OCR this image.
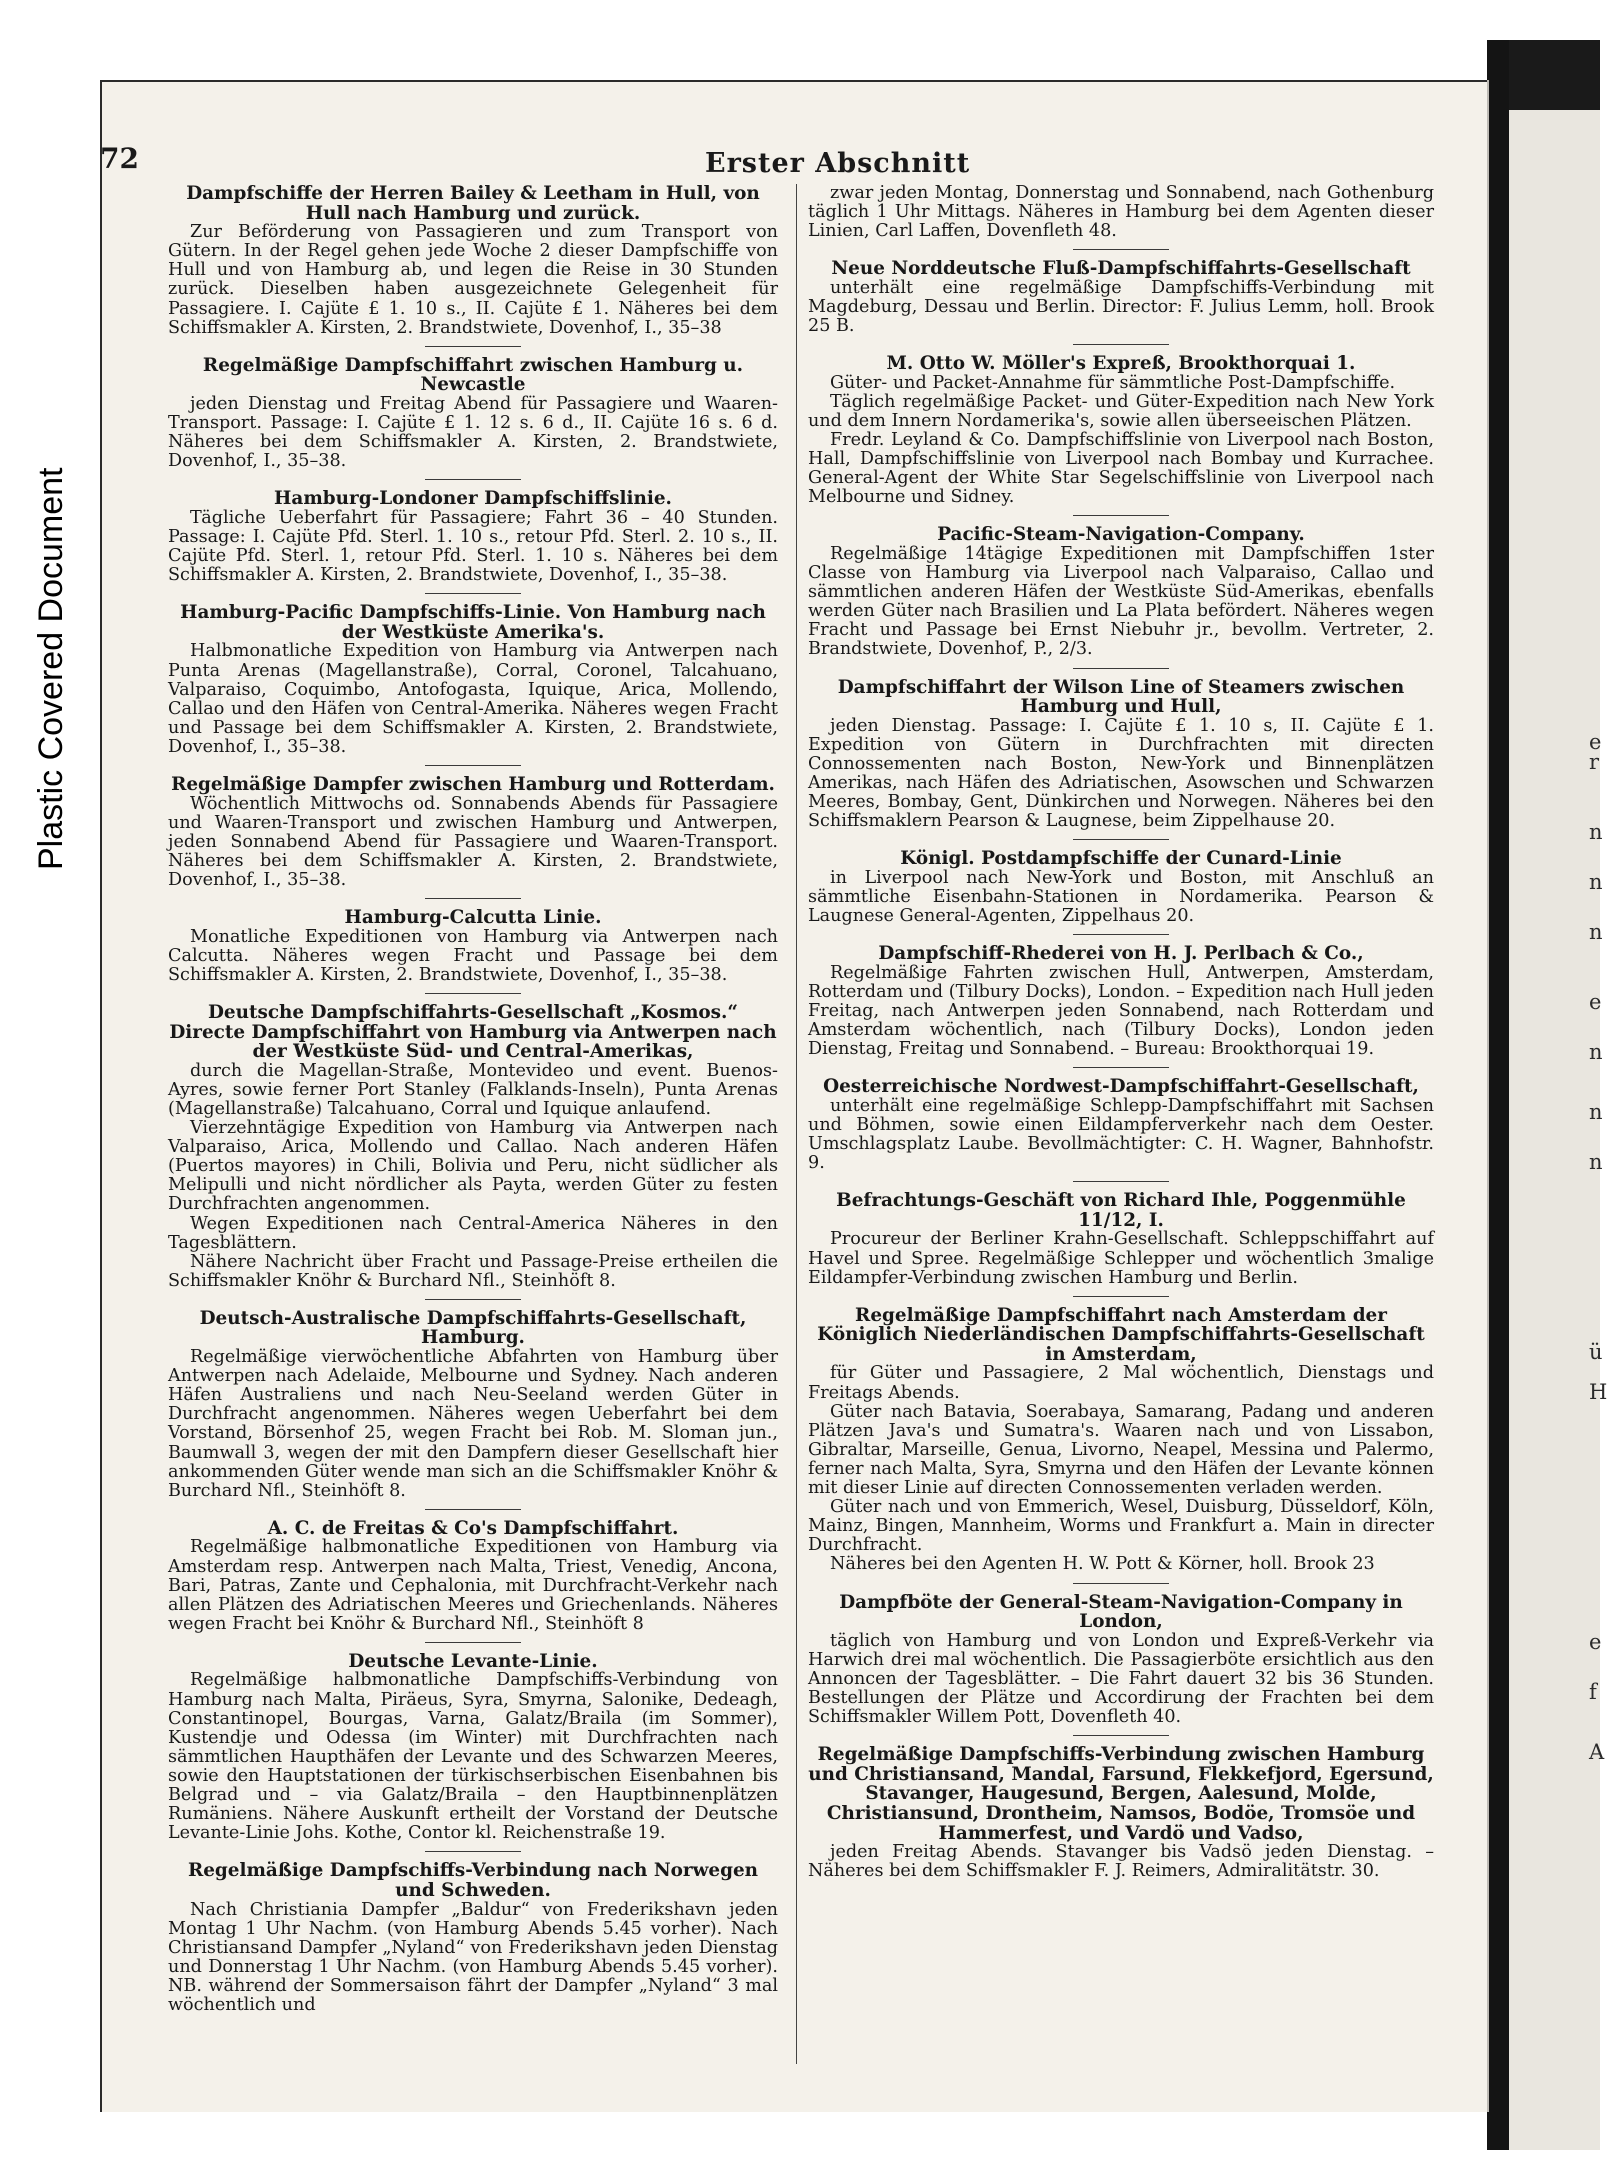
Plastic Covered Document	e
r
n
n
n
e
n
n
n
ü
H
e
f
A
72	Erster Abschnitt
Dampfschiffe der Herren Bailey & Leetham in Hull, von Hull nach Hamburg und zurück.

Zur Beförderung von Passagieren und zum Transport von Gütern. In der Regel gehen jede Woche 2 dieser Dampfschiffe von Hull und von Hamburg ab, und legen die Reise in 30 Stunden zurück. Dieselben haben ausgezeichnete Gelegenheit für Passagiere. I. Cajüte £ 1. 10 s., II. Cajüte £ 1. Näheres bei dem Schiffsmakler A. Kirsten, 2. Brandstwiete, Dovenhof, I., 35–38

Regelmäßige Dampfschiffahrt zwischen Hamburg u. Newcastle

jeden Dienstag und Freitag Abend für Passagiere und Waaren-Transport. Passage: I. Cajüte £ 1. 12 s. 6 d., II. Cajüte 16 s. 6 d. Näheres bei dem Schiffsmakler A. Kirsten, 2. Brandstwiete, Dovenhof, I., 35–38.

Hamburg-Londoner Dampfschiffslinie.

Tägliche Ueberfahrt für Passagiere; Fahrt 36 – 40 Stunden. Passage: I. Cajüte Pfd. Sterl. 1. 10 s., retour Pfd. Sterl. 2. 10 s., II. Cajüte Pfd. Sterl. 1, retour Pfd. Sterl. 1. 10 s. Näheres bei dem Schiffsmakler A. Kirsten, 2. Brandstwiete, Dovenhof, I., 35–38.

Hamburg-Pacific Dampfschiffs-Linie. Von Hamburg nach der Westküste Amerika's.

Halbmonatliche Expedition von Hamburg via Antwerpen nach Punta Arenas (Magellanstraße), Corral, Coronel, Talcahuano, Valparaiso, Coquimbo, Antofogasta, Iquique, Arica, Mollendo, Callao und den Häfen von Central-Amerika. Näheres wegen Fracht und Passage bei dem Schiffsmakler A. Kirsten, 2. Brandstwiete, Dovenhof, I., 35–38.

Regelmäßige Dampfer zwischen Hamburg und Rotterdam.

Wöchentlich Mittwochs od. Sonnabends Abends für Passagiere und Waaren-Transport und zwischen Hamburg und Antwerpen, jeden Sonnabend Abend für Passagiere und Waaren-Transport. Näheres bei dem Schiffsmakler A. Kirsten, 2. Brandstwiete, Dovenhof, I., 35–38.

Hamburg-Calcutta Linie.

Monatliche Expeditionen von Hamburg via Antwerpen nach Calcutta. Näheres wegen Fracht und Passage bei dem Schiffsmakler A. Kirsten, 2. Brandstwiete, Dovenhof, I., 35–38.

Deutsche Dampfschiffahrts-Gesellschaft „Kosmos.“ Directe Dampfschiffahrt von Hamburg via Antwerpen nach der Westküste Süd- und Central-Amerikas,

durch die Magellan-Straße, Montevideo und event. Buenos-Ayres, sowie ferner Port Stanley (Falklands-Inseln), Punta Arenas (Magellanstraße) Talcahuano, Corral und Iquique anlaufend.

Vierzehntägige Expedition von Hamburg via Antwerpen nach Valparaiso, Arica, Mollendo und Callao. Nach anderen Häfen (Puertos mayores) in Chili, Bolivia und Peru, nicht südlicher als Melipulli und nicht nördlicher als Payta, werden Güter zu festen Durchfrachten angenommen.

Wegen Expeditionen nach Central-America Näheres in den Tagesblättern.

Nähere Nachricht über Fracht und Passage-Preise ertheilen die Schiffsmakler Knöhr & Burchard Nfl., Steinhöft 8.

Deutsch-Australische Dampfschiffahrts-Gesellschaft, Hamburg.

Regelmäßige vierwöchentliche Abfahrten von Hamburg über Antwerpen nach Adelaide, Melbourne und Sydney. Nach anderen Häfen Australiens und nach Neu-Seeland werden Güter in Durchfracht angenommen. Näheres wegen Ueberfahrt bei dem Vorstand, Börsenhof 25, wegen Fracht bei Rob. M. Sloman jun., Baumwall 3, wegen der mit den Dampfern dieser Gesellschaft hier ankommenden Güter wende man sich an die Schiffsmakler Knöhr & Burchard Nfl., Steinhöft 8.

A. C. de Freitas & Co's Dampfschiffahrt.

Regelmäßige halbmonatliche Expeditionen von Hamburg via Amsterdam resp. Antwerpen nach Malta, Triest, Venedig, Ancona, Bari, Patras, Zante und Cephalonia, mit Durchfracht-Verkehr nach allen Plätzen des Adriatischen Meeres und Griechenlands. Näheres wegen Fracht bei Knöhr & Burchard Nfl., Steinhöft 8

Deutsche Levante-Linie.

Regelmäßige halbmonatliche Dampfschiffs-Verbindung von Hamburg nach Malta, Piräeus, Syra, Smyrna, Salonike, Dedeagh, Constantinopel, Bourgas, Varna, Galatz/Braila (im Sommer), Kustendje und Odessa (im Winter) mit Durchfrachten nach sämmtlichen Haupthäfen der Levante und des Schwarzen Meeres, sowie den Hauptstationen der türkischserbischen Eisenbahnen bis Belgrad und – via Galatz/Braila – den Hauptbinnenplätzen Rumäniens. Nähere Auskunft ertheilt der Vorstand der Deutsche Levante-Linie Johs. Kothe, Contor kl. Reichenstraße 19.

Regelmäßige Dampfschiffs-Verbindung nach Norwegen und Schweden.

Nach Christiania Dampfer „Baldur“ von Frederikshavn jeden Montag 1 Uhr Nachm. (von Hamburg Abends 5.45 vorher). Nach Christiansand Dampfer „Nyland“ von Frederikshavn jeden Dienstag und Donnerstag 1 Uhr Nachm. (von Hamburg Abends 5.45 vorher). NB. während der Sommersaison fährt der Dampfer „Nyland“ 3 mal wöchentlich und

zwar jeden Montag, Donnerstag und Sonnabend, nach Gothenburg täglich 1 Uhr Mittags. Näheres in Hamburg bei dem Agenten dieser Linien, Carl Laffen, Dovenfleth 48.

Neue Norddeutsche Fluß-Dampfschiffahrts-Gesellschaft

unterhält eine regelmäßige Dampfschiffs-Verbindung mit Magdeburg, Dessau und Berlin. Director: F. Julius Lemm, holl. Brook 25 B.

M. Otto W. Möller's Expreß, Brookthorquai 1.

Güter- und Packet-Annahme für sämmtliche Post-Dampfschiffe.

Täglich regelmäßige Packet- und Güter-Expedition nach New York und dem Innern Nordamerika's, sowie allen überseeischen Plätzen.

Fredr. Leyland & Co. Dampfschiffslinie von Liverpool nach Boston, Hall, Dampfschiffslinie von Liverpool nach Bombay und Kurrachee. General-Agent der White Star Segelschiffslinie von Liverpool nach Melbourne und Sidney.

Pacific-Steam-Navigation-Company.

Regelmäßige 14tägige Expeditionen mit Dampfschiffen 1ster Classe von Hamburg via Liverpool nach Valparaiso, Callao und sämmtlichen anderen Häfen der Westküste Süd-Amerikas, ebenfalls werden Güter nach Brasilien und La Plata befördert. Näheres wegen Fracht und Passage bei Ernst Niebuhr jr., bevollm. Vertreter, 2. Brandstwiete, Dovenhof, P., 2/3.

Dampfschiffahrt der Wilson Line of Steamers zwischen Hamburg und Hull,

jeden Dienstag. Passage: I. Cajüte £ 1. 10 s, II. Cajüte £ 1. Expedition von Gütern in Durchfrachten mit directen Connossementen nach Boston, New-York und Binnenplätzen Amerikas, nach Häfen des Adriatischen, Asowschen und Schwarzen Meeres, Bombay, Gent, Dünkirchen und Norwegen. Näheres bei den Schiffsmaklern Pearson & Laugnese, beim Zippelhause 20.

Königl. Postdampfschiffe der Cunard-Linie

in Liverpool nach New-York und Boston, mit Anschluß an sämmtliche Eisenbahn-Stationen in Nordamerika. Pearson & Laugnese General-Agenten, Zippelhaus 20.

Dampfschiff-Rhederei von H. J. Perlbach & Co.,

Regelmäßige Fahrten zwischen Hull, Antwerpen, Amsterdam, Rotterdam und (Tilbury Docks), London. – Expedition nach Hull jeden Freitag, nach Antwerpen jeden Sonnabend, nach Rotterdam und Amsterdam wöchentlich, nach (Tilbury Docks), London jeden Dienstag, Freitag und Sonnabend. – Bureau: Brookthorquai 19.

Oesterreichische Nordwest-Dampfschiffahrt-Gesellschaft,

unterhält eine regelmäßige Schlepp-Dampfschiffahrt mit Sachsen und Böhmen, sowie einen Eildampferverkehr nach dem Oester. Umschlagsplatz Laube. Bevollmächtigter: C. H. Wagner, Bahnhofstr. 9.

Befrachtungs-Geschäft von Richard Ihle, Poggenmühle 11/12, I.

Procureur der Berliner Krahn-Gesellschaft. Schleppschiffahrt auf Havel und Spree. Regelmäßige Schlepper und wöchentlich 3malige Eildampfer-Verbindung zwischen Hamburg und Berlin.

Regelmäßige Dampfschiffahrt nach Amsterdam der Königlich Niederländischen Dampfschiffahrts-Gesellschaft in Amsterdam,

für Güter und Passagiere, 2 Mal wöchentlich, Dienstags und Freitags Abends.

Güter nach Batavia, Soerabaya, Samarang, Padang und anderen Plätzen Java's und Sumatra's. Waaren nach und von Lissabon, Gibraltar, Marseille, Genua, Livorno, Neapel, Messina und Palermo, ferner nach Malta, Syra, Smyrna und den Häfen der Levante können mit dieser Linie auf directen Connossementen verladen werden.

Güter nach und von Emmerich, Wesel, Duisburg, Düsseldorf, Köln, Mainz, Bingen, Mannheim, Worms und Frankfurt a. Main in directer Durchfracht.

Näheres bei den Agenten H. W. Pott & Körner, holl. Brook 23

Dampfböte der General-Steam-Navigation-Company in London,

täglich von Hamburg und von London und Expreß-Verkehr via Harwich drei mal wöchentlich. Die Passagierböte ersichtlich aus den Annoncen der Tagesblätter. – Die Fahrt dauert 32 bis 36 Stunden. Bestellungen der Plätze und Accordirung der Frachten bei dem Schiffsmakler Willem Pott, Dovenfleth 40.

Regelmäßige Dampfschiffs-Verbindung zwischen Hamburg und Christiansand, Mandal, Farsund, Flekkefjord, Egersund, Stavanger, Haugesund, Bergen, Aalesund, Molde, Christiansund, Drontheim, Namsos, Bodöe, Tromsöe und Hammerfest, und Vardö und Vadso,

jeden Freitag Abends. Stavanger bis Vadsö jeden Dienstag. – Näheres bei dem Schiffsmakler F. J. Reimers, Admiralitätstr. 30.
